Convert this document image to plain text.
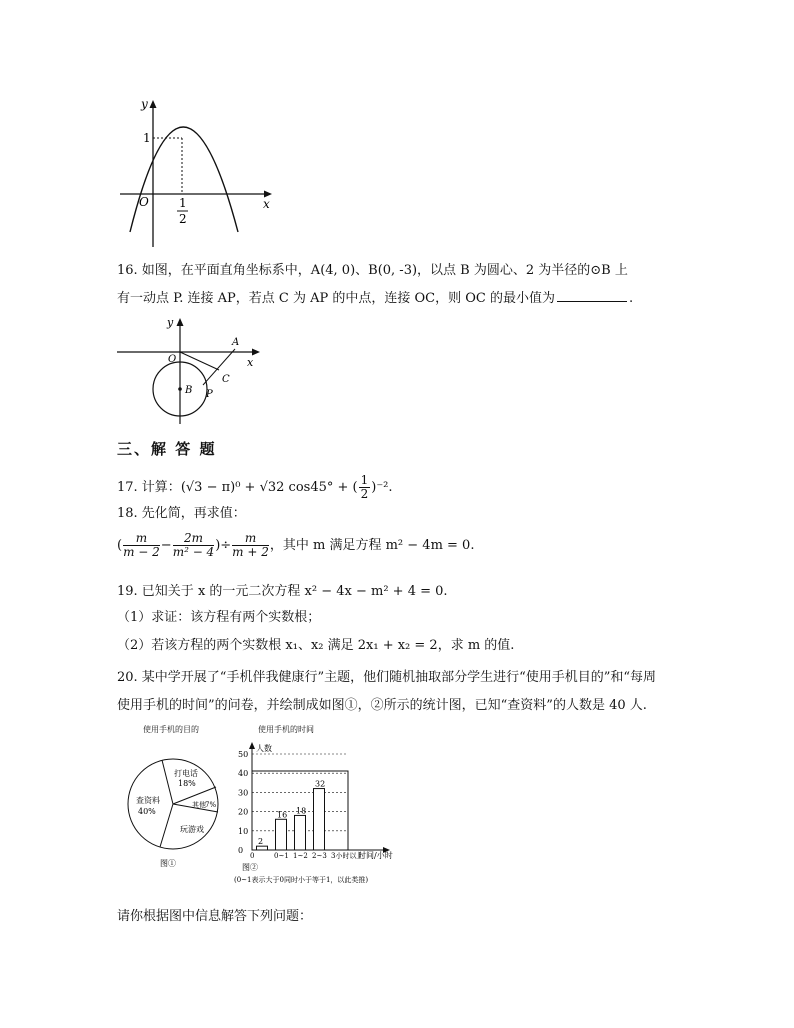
y
x
O
1
1
2
16. 如图，在平面直角坐标系中，A(4, 0)、B(0, -3)，以点 B 为圆心、2 为半径的⊙B 上
有一动点 P. 连接 AP，若点 C 为 AP 的中点，连接 OC，则 OC 的最小值为	.
y
x
O
A
B
C
P
三、解 答 题
17. 计算：(√3 − π)⁰ + √32 cos45° + ( $\frac{1}{2} )^{-2}$.
18. 先化简，再求值：
( $\frac{m}{m - 2} - \frac{2m}{\text{m² − 4}}$ )÷ $\frac{m}{m + 2}$ ，其中 m 满足方程 m² − 4m = 0.
19. 已知关于 x 的一元二次方程 x² − 4x − m² + 4 = 0.
（1）求证：该方程有两个实数根；
（2）若该方程的两个实数根 x₁、x₂ 满足 2x₁ + x₂ = 2，求 m 的值.
20. 某中学开展了“手机伴我健康行”主题，他们随机抽取部分学生进行“使用手机目的”和“每周
使用手机的时间”的问卷，并绘制成如图①，②所示的统计图，已知“查资料”的人数是 40 人.
使用手机的目的
查资料
40%
打电话
18%
其他 7%
玩游戏
图①
使用手机的时间
0
10
20
30
40
50
2
16 18
32
0	0~1 1~2 2~3 3小时以上
人数
时间/小时
图②
(0~1表示大于0同时小于等于1，以此类推)
请你根据图中信息解答下列问题：
